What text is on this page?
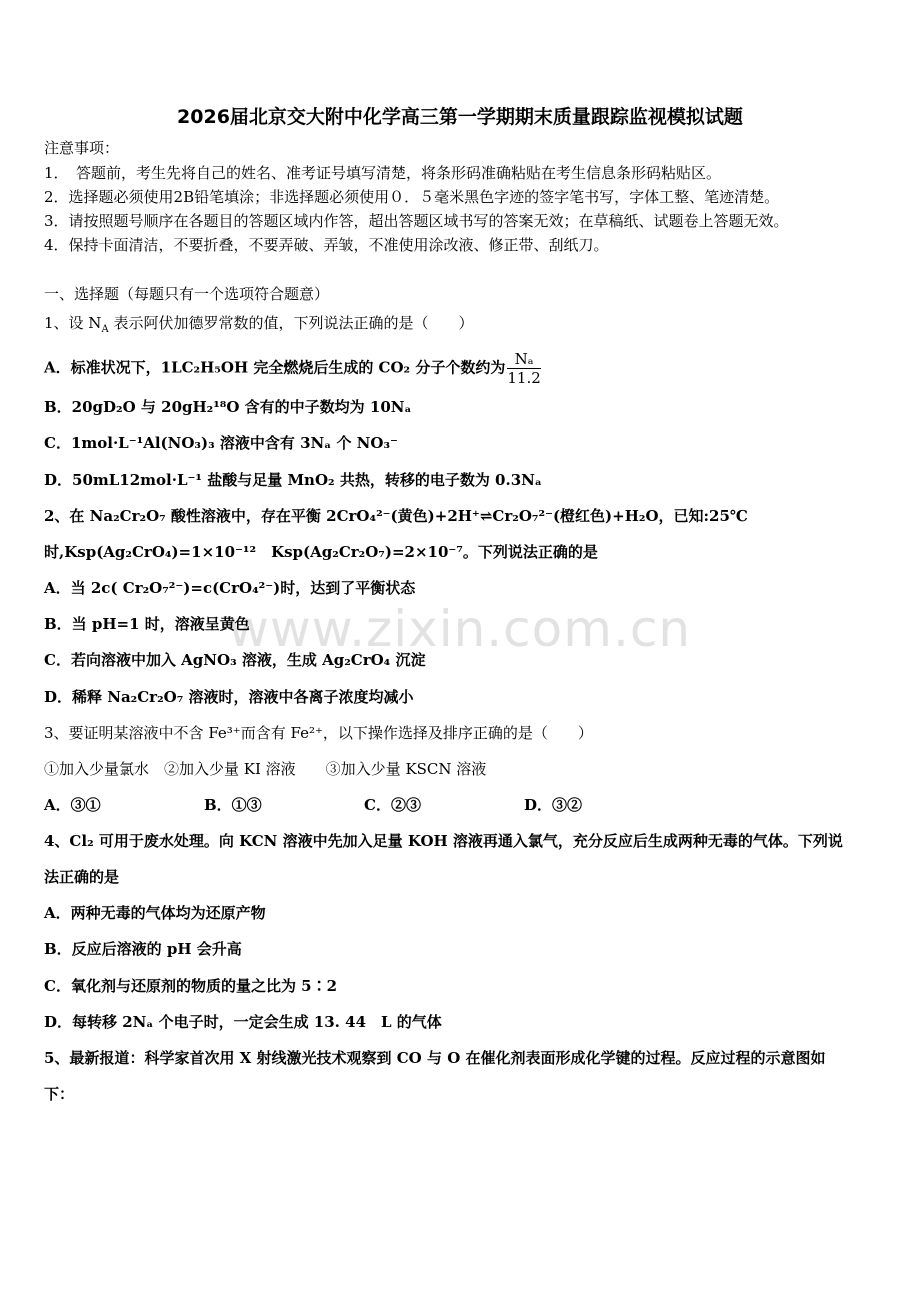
www.zixin.com.cn
2026届北京交大附中化学高三第一学期期末质量跟踪监视模拟试题
注意事项：
1．　答题前，考生先将自己的姓名、准考证号填写清楚，将条形码准确粘贴在考生信息条形码粘贴区。
2．选择题必须使用2B铅笔填涂；非选择题必须使用０．５毫米黑色字迹的签字笔书写，字体工整、笔迹清楚。
3．请按照题号顺序在各题目的答题区域内作答，超出答题区域书写的答案无效；在草稿纸、试题卷上答题无效。
4．保持卡面清洁，不要折叠，不要弄破、弄皱，不准使用涂改液、修正带、刮纸刀。
一、选择题（每题只有一个选项符合题意）
1、设 $N_A$ 表示阿伏加德罗常数的值，下列说法正确的是（　　）
A．标准状况下，1LC₂H₅OH 完全燃烧后生成的 CO₂ 分子个数约为 $\frac{\text{Nₐ}}{11.2}$
B．20gD₂O 与 20gH₂¹⁸O 含有的中子数均为 10Nₐ
C．1mol·L⁻¹Al(NO₃)₃ 溶液中含有 3Nₐ 个 NO₃⁻
D．50mL12mol·L⁻¹ 盐酸与足量 MnO₂ 共热，转移的电子数为 0.3Nₐ
2、在 Na₂Cr₂O₇ 酸性溶液中，存在平衡 2CrO₄²⁻(黄色)+2H⁺⇌Cr₂O₇²⁻(橙红色)+H₂O，已知:25℃
时,Ksp(Ag₂CrO₄)=1×10⁻¹²　Ksp(Ag₂Cr₂O₇)=2×10⁻⁷。下列说法正确的是
A．当 2c( Cr₂O₇²⁻)=c(CrO₄²⁻)时，达到了平衡状态
B．当 pH=1 时，溶液呈黄色
C．若向溶液中加入 AgNO₃ 溶液，生成 Ag₂CrO₄ 沉淀
D．稀释 Na₂Cr₂O₇ 溶液时，溶液中各离子浓度均减小
3、要证明某溶液中不含 Fe³⁺而含有 Fe²⁺，以下操作选择及排序正确的是（　　）
①加入少量氯水　②加入少量 KI 溶液　　③加入少量 KSCN 溶液
A．③①	B．①③	C．②③	D．③②
4、Cl₂ 可用于废水处理。向 KCN 溶液中先加入足量 KOH 溶液再通入氯气，充分反应后生成两种无毒的气体。下列说
法正确的是
A．两种无毒的气体均为还原产物
B．反应后溶液的 pH 会升高
C．氧化剂与还原剂的物质的量之比为 5∶2
D．每转移 2Nₐ 个电子时，一定会生成 13. 44　L 的气体
5、最新报道：科学家首次用 X 射线激光技术观察到 CO 与 O 在催化剂表面形成化学键的过程。反应过程的示意图如
下：
